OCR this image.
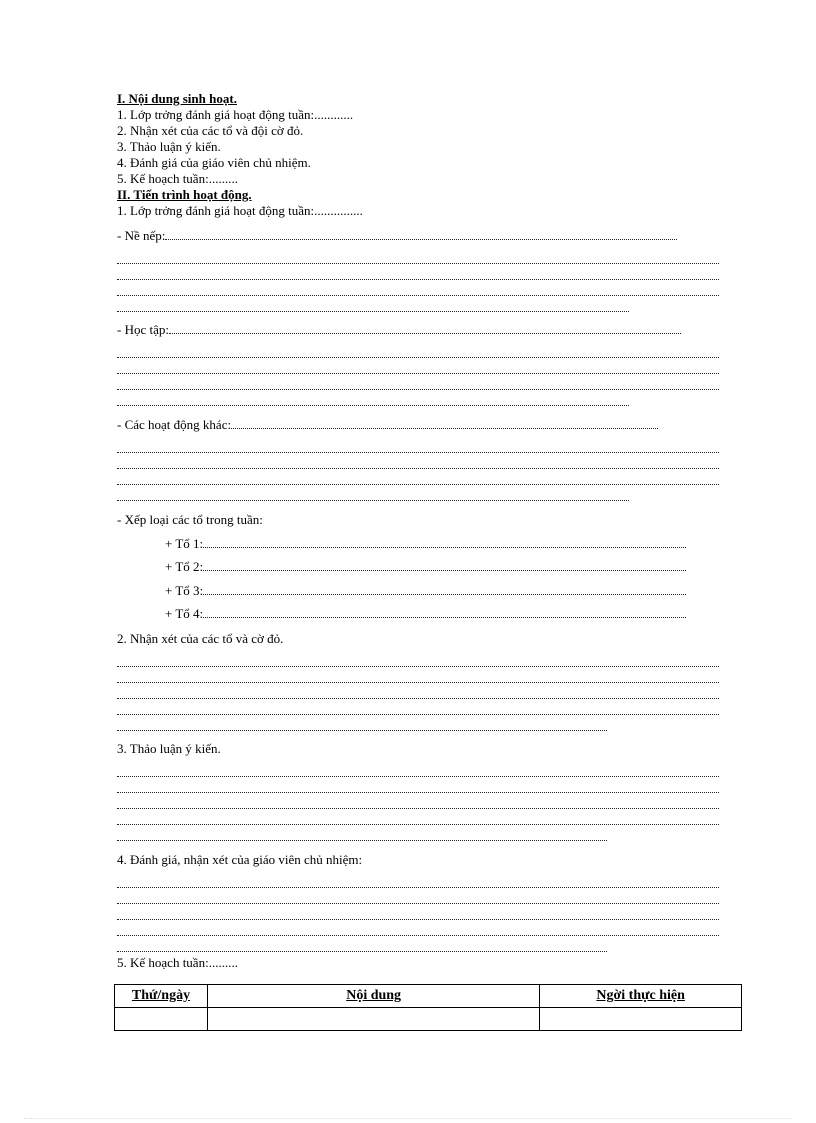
I. Nội dung sinh hoạt.
1. Lớp trởng đánh giá hoạt động tuần:............
2. Nhận xét của các tổ và đội cờ đỏ.
3. Thảo luận ý kiến.
4. Đánh giá của giáo viên chủ nhiệm.
5. Kế hoạch tuần:.........
II. Tiến trình hoạt động.
1. Lớp trởng đánh giá hoạt động tuần:...............
- Nề nếp:
- Học tập:
- Các hoạt động khác:
- Xếp loại các tổ trong tuần:
+ Tổ 1:
+ Tổ 2:
+ Tổ 3:
+ Tổ 4:
2. Nhận xét của các tổ và cờ đỏ.
3. Thảo luận ý kiến.
4. Đánh giá, nhận xét của giáo viên chủ nhiệm:
5. Kế hoạch tuần:.........
Thứ/ngày	Nội dung	Ngời thực hiện
